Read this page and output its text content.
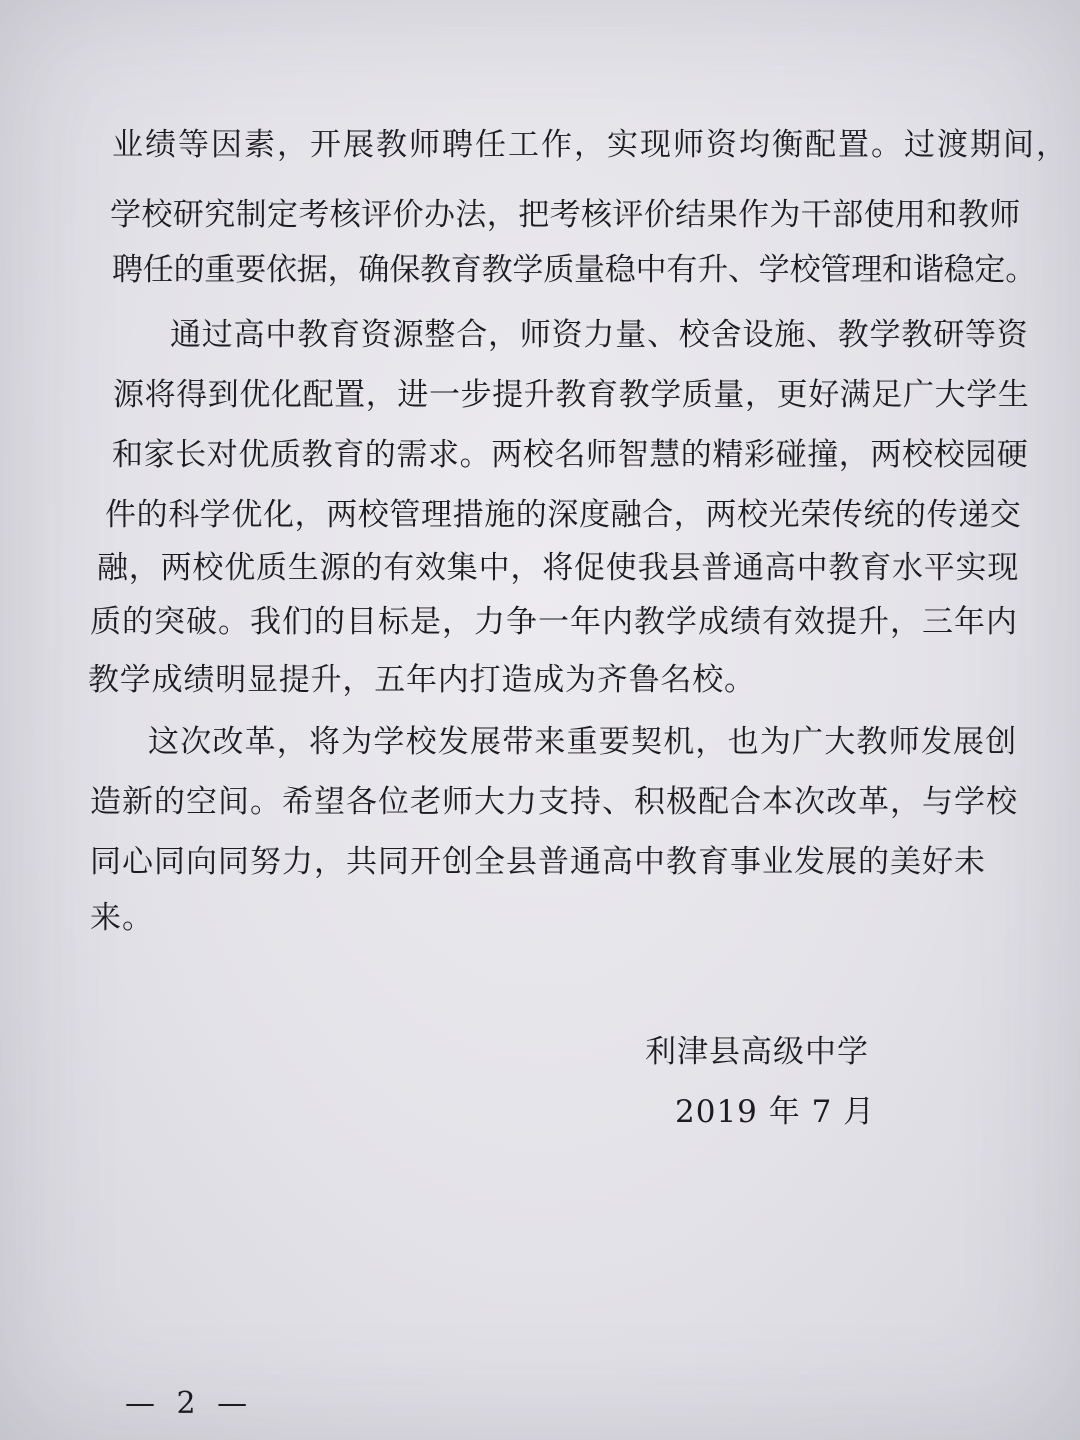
业绩等因素，开展教师聘任工作，实现师资均衡配置。过渡期间，
学校研究制定考核评价办法，把考核评价结果作为干部使用和教师
聘任的重要依据，确保教育教学质量稳中有升、学校管理和谐稳定。
通过高中教育资源整合，师资力量、校舍设施、教学教研等资
源将得到优化配置，进一步提升教育教学质量，更好满足广大学生
和家长对优质教育的需求。两校名师智慧的精彩碰撞，两校校园硬
件的科学优化，两校管理措施的深度融合，两校光荣传统的传递交
融，两校优质生源的有效集中，将促使我县普通高中教育水平实现
质的突破。我们的目标是，力争一年内教学成绩有效提升，三年内
教学成绩明显提升，五年内打造成为齐鲁名校。
这次改革，将为学校发展带来重要契机，也为广大教师发展创
造新的空间。希望各位老师大力支持、积极配合本次改革，与学校
同心同向同努力，共同开创全县普通高中教育事业发展的美好未
来。
利津县高级中学
2019 年 7 月
— 2 —
